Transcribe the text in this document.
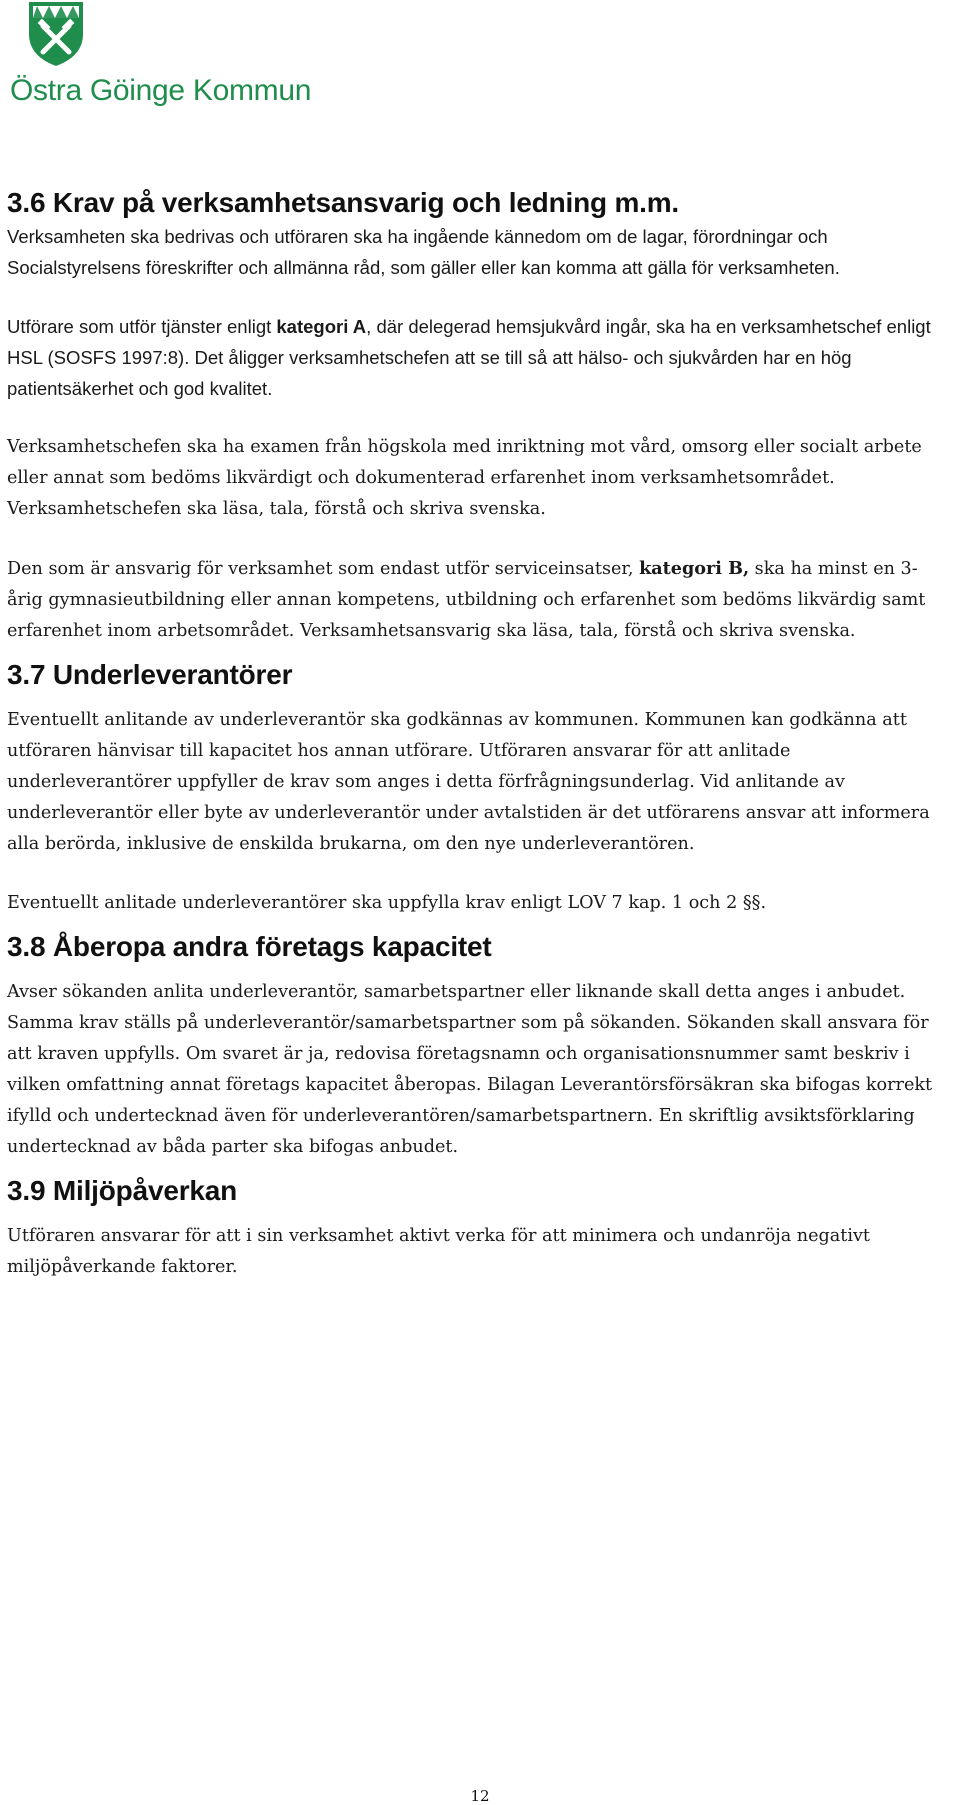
Östra Göinge Kommun
3.6 Krav på verksamhetsansvarig och ledning m.m.

Verksamheten ska bedrivas och utföraren ska ha ingående kännedom om de lagar, förordningar och Socialstyrelsens föreskrifter och allmänna råd, som gäller eller kan komma att gälla för verksamheten.

Utförare som utför tjänster enligt kategori A, där delegerad hemsjukvård ingår, ska ha en verksamhetschef enligt HSL (SOSFS 1997:8). Det åligger verksamhetschefen att se till så att hälso- och sjukvården har en hög patientsäkerhet och god kvalitet.

Verksamhetschefen ska ha examen från högskola med inriktning mot vård, omsorg eller socialt arbete eller annat som bedöms likvärdigt och dokumenterad erfarenhet inom verksamhetsområdet. Verksamhetschefen ska läsa, tala, förstå och skriva svenska.

Den som är ansvarig för verksamhet som endast utför serviceinsatser, kategori B, ska ha minst en 3-årig gymnasieutbildning eller annan kompetens, utbildning och erfarenhet som bedöms likvärdig samt erfarenhet inom arbetsområdet. Verksamhetsansvarig ska läsa, tala, förstå och skriva svenska.

3.7 Underleverantörer

Eventuellt anlitande av underleverantör ska godkännas av kommunen. Kommunen kan godkänna att utföraren hänvisar till kapacitet hos annan utförare. Utföraren ansvarar för att anlitade underleverantörer uppfyller de krav som anges i detta förfrågningsunderlag. Vid anlitande av underleverantör eller byte av underleverantör under avtalstiden är det utförarens ansvar att informera alla berörda, inklusive de enskilda brukarna, om den nye underleverantören.

Eventuellt anlitade underleverantörer ska uppfylla krav enligt LOV 7 kap. 1 och 2 §§.

3.8 Åberopa andra företags kapacitet

Avser sökanden anlita underleverantör, samarbetspartner eller liknande skall detta anges i anbudet. Samma krav ställs på underleverantör/samarbetspartner som på sökanden. Sökanden skall ansvara för att kraven uppfylls. Om svaret är ja, redovisa företagsnamn och organisationsnummer samt beskriv i vilken omfattning annat företags kapacitet åberopas. Bilagan Leverantörsförsäkran ska bifogas korrekt ifylld och undertecknad även för underleverantören/samarbetspartnern. En skriftlig avsiktsförklaring undertecknad av båda parter ska bifogas anbudet.

3.9 Miljöpåverkan

Utföraren ansvarar för att i sin verksamhet aktivt verka för att minimera och undanröja negativt miljöpåverkande faktorer.

12
